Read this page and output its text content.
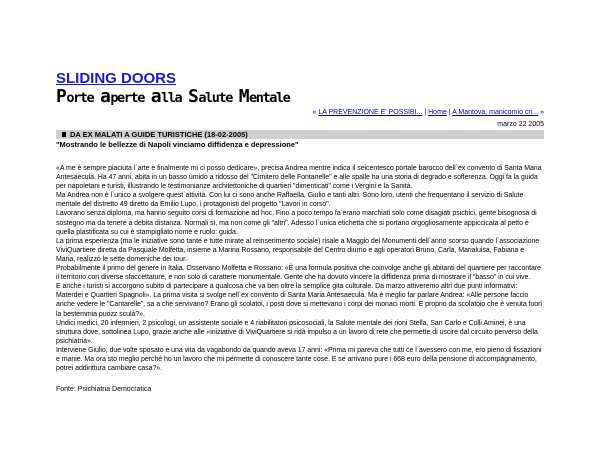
SLIDING DOORS
Porte aperte alla Salute Mentale
« LA PREVENZIONE E' POSSIBI... | Home | A Mantova, manicomio cri... »
marzo 22 2005
DA EX MALATI A GUIDE TURISTICHE (18-02-2005)
"Mostrando le bellezze di Napoli vinciamo diffidenza e depressione"

«A me è sempre piaciuta l`arte e finalmente mi ci posso dedicare», precisa Andrea mentre indica il seicentesco portale barocco dell`ex convento di Santa Maria Antesaecula. Ha 47 anni, abita in un basso umido a ridosso del "Cimitero delle Fontanelle" e alle spalle ha una storia di degrado e sofferenza. Oggi fa la guida per napoletani e turisti, illustrando le testimonianze architettoniche di quartieri "dimenticati" come i Vergini e la Sanità.

Ma Andrea non è l`unico a svolgere quest`attività. Con lui ci sono anche Raffaella, Giulio e tanti altri. Sono loro, utenti che frequentano il servizio di Salute mentale del distretto 49 diretto da Emilio Lupo, i protagonisti del progetto "Lavori in corso".

Lavorano senza diploma, ma hanno seguito corsi di formazione ad hoc. Fino a poco tempo fa erano marchiati solo come disagiati psichici, gente bisognosa di sostegno ma da tenere a debita distanza. Normali sì, ma non come gli "altri". Adesso l`unica etichetta che si portano orgogliosamente appiccicata al petto è quella plastificata su cui è stampigliato nome e ruolo: guida.

La prima esperienza (ma le iniziative sono tante e tutte mirate al reinserimento sociale) risale a Maggio dei Monumenti dell`anno scorso quando l`associazione ViviQuartiere diretta da Pasquale Molfetta, insieme a Marina Rossano, responsabile del Centro diurno e agli operatori Bruno, Carla, Marialuisa, Fabiana e Maria, realizzò le sette domeniche dei tour.

Probabilmente il primo del genere in Italia. Osservano Molfetta e Rossano: «È una formula positiva che coinvolge anche gli abitanti del quartiere per raccontare il territorio con diverse sfaccettature, e non solo di carattere monumentale. Gente che ha dovuto vincere la diffidenza prima di mostrare il "basso" in cui vive.

E anche i turisti si accorgono subito di partecipare a qualcosa che va ben oltre la semplice gita culturale. Da marzo attiveremo altri due punti informativi: Materdei e Quartieri Spagnoli». La prima visita si svolge nell`ex convento di Santa Maria Antesaecula. Ma è meglio far parlare Andrea: «Alle persone faccio anche vedere le "Cantarelle", sa a che servivano? Erano gli scolatoi, i posti dove si mettevano i corpi dei monaci morti. E proprio da scolatoio che è venuta fuori la bestemmia puozz sculà?».

Undici medici, 20 infermieri, 2 psicologi, un assistente sociale e 4 riabilitatori psicosociali, la Salute mentale dei rioni Stella, San Carlo e Colli Aminei, è una struttura dove, sottolinea Lupo, grazie anche alle «iniziative di ViviQuartiere si ridà impulso a un lavoro di rete che permette di uscire dal circuito perverso della psichiatria».

Interviene Giulio, due volte sposato e una vita da vagabondo da quando aveva 17 anni: «Prima mi pareva che tutti ce l`avessero con me, ero pieno di fissazioni e manie. Ma ora sto meglio perché ho un lavoro che mi permette di conoscere tante cose. E se arrivano pure i 668 euro della pensione di accompagnamento, potrei addirittura cambiare casa?».

Fonte: Psichiatria Democratica
